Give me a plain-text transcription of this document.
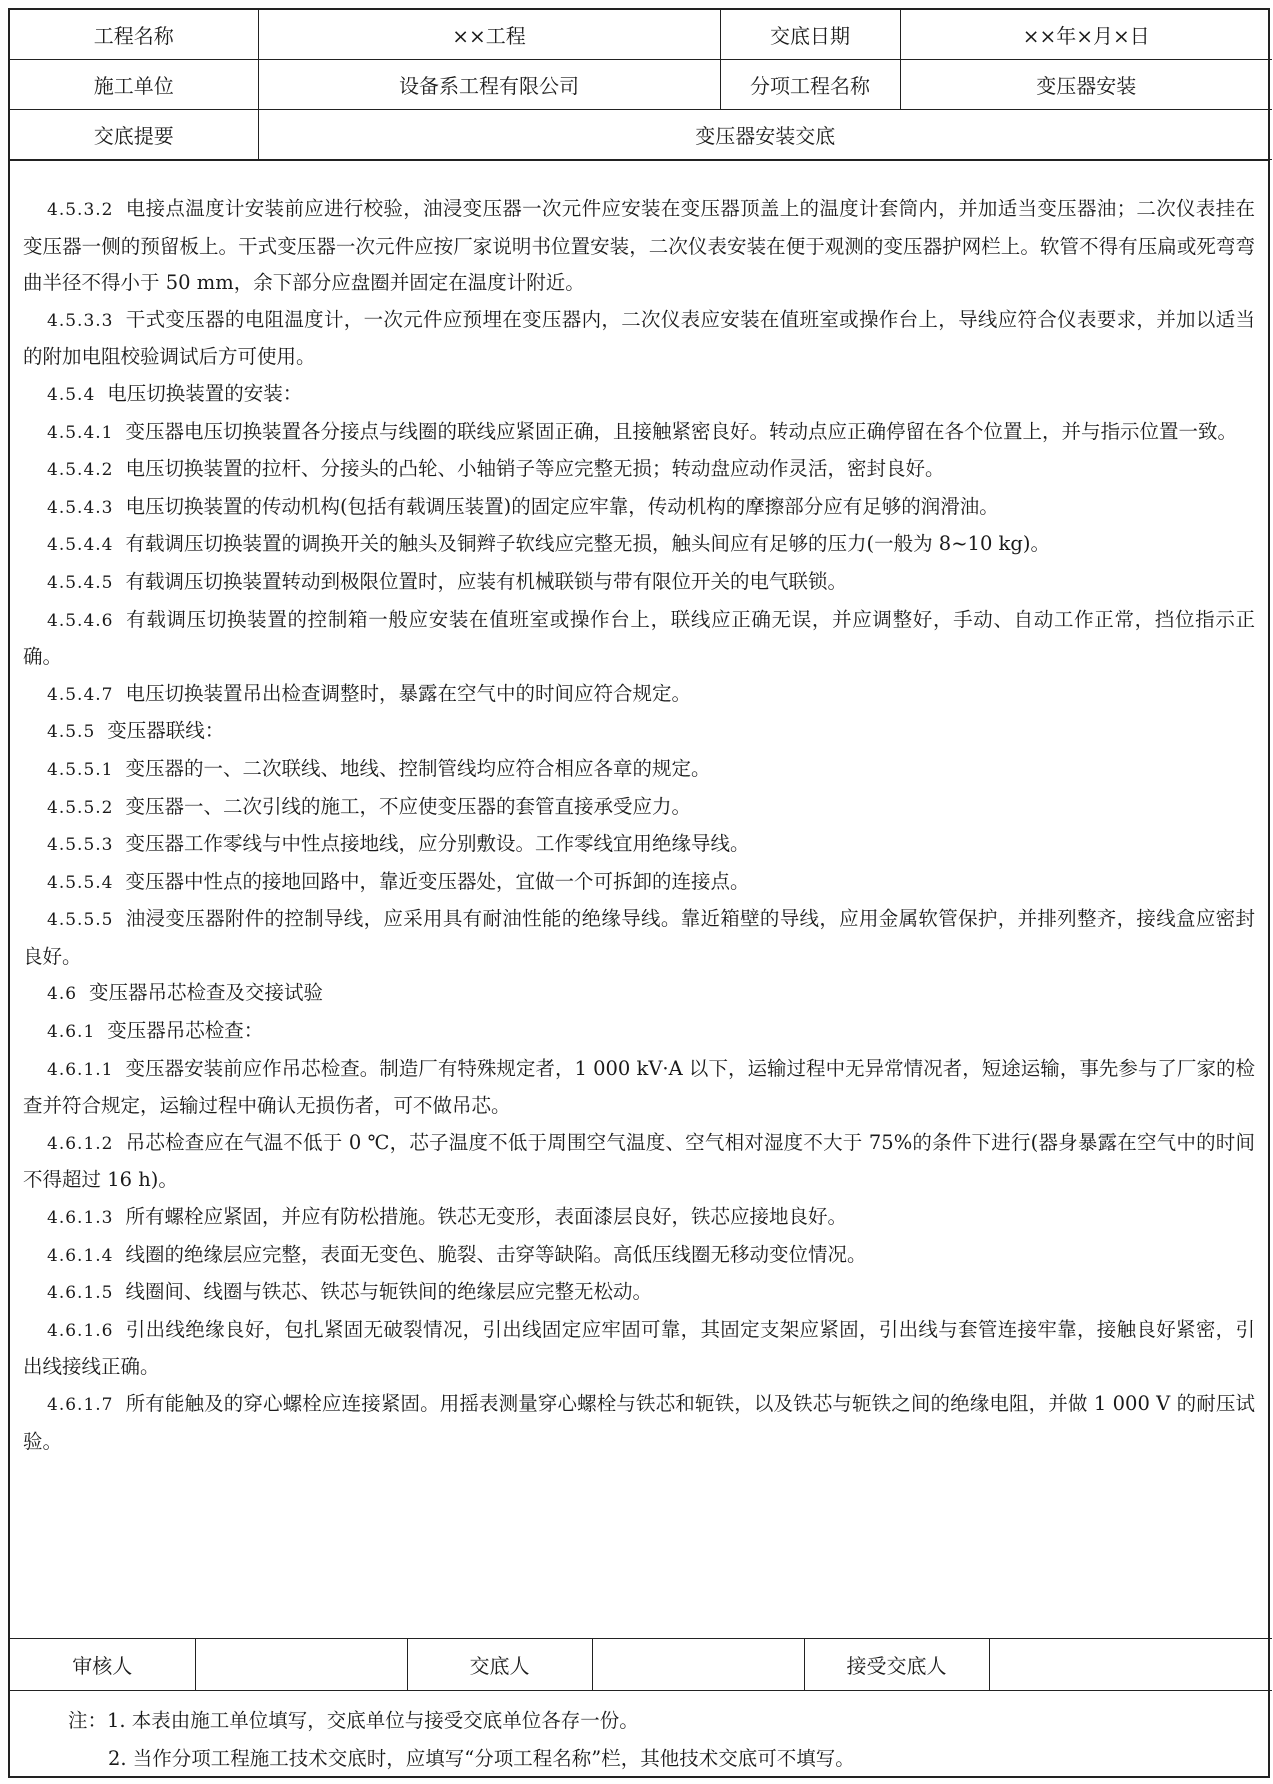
工程名称	××工程	交底日期	××年×月×日
施工单位	设备系工程有限公司	分项工程名称	变压器安装
交底提要	变压器安装交底		

4.5.3.2 电接点温度计安装前应进行校验，油浸变压器一次元件应安装在变压器顶盖上的温度计套筒内，并加适当变压器油；二次仪表挂在变压器一侧的预留板上。干式变压器一次元件应按厂家说明书位置安装，二次仪表安装在便于观测的变压器护网栏上。软管不得有压扁或死弯弯曲半径不得小于 50 mm，余下部分应盘圈并固定在温度计附近。

4.5.3.3 干式变压器的电阻温度计，一次元件应预埋在变压器内，二次仪表应安装在值班室或操作台上，导线应符合仪表要求，并加以适当的附加电阻校验调试后方可使用。

4.5.4 电压切换装置的安装：

4.5.4.1 变压器电压切换装置各分接点与线圈的联线应紧固正确，且接触紧密良好。转动点应正确停留在各个位置上，并与指示位置一致。

4.5.4.2 电压切换装置的拉杆、分接头的凸轮、小轴销子等应完整无损；转动盘应动作灵活，密封良好。

4.5.4.3 电压切换装置的传动机构(包括有载调压装置)的固定应牢靠，传动机构的摩擦部分应有足够的润滑油。

4.5.4.4 有载调压切换装置的调换开关的触头及铜辫子软线应完整无损，触头间应有足够的压力(一般为 8~10 kg)。

4.5.4.5 有载调压切换装置转动到极限位置时，应装有机械联锁与带有限位开关的电气联锁。

4.5.4.6 有载调压切换装置的控制箱一般应安装在值班室或操作台上，联线应正确无误，并应调整好，手动、自动工作正常，挡位指示正确。

4.5.4.7 电压切换装置吊出检查调整时，暴露在空气中的时间应符合规定。

4.5.5 变压器联线：

4.5.5.1 变压器的一、二次联线、地线、控制管线均应符合相应各章的规定。

4.5.5.2 变压器一、二次引线的施工，不应使变压器的套管直接承受应力。

4.5.5.3 变压器工作零线与中性点接地线，应分别敷设。工作零线宜用绝缘导线。

4.5.5.4 变压器中性点的接地回路中，靠近变压器处，宜做一个可拆卸的连接点。

4.5.5.5 油浸变压器附件的控制导线，应采用具有耐油性能的绝缘导线。靠近箱壁的导线，应用金属软管保护，并排列整齐，接线盒应密封良好。

4.6 变压器吊芯检查及交接试验

4.6.1 变压器吊芯检查：

4.6.1.1 变压器安装前应作吊芯检查。制造厂有特殊规定者，1 000 kV·A 以下，运输过程中无异常情况者，短途运输，事先参与了厂家的检查并符合规定，运输过程中确认无损伤者，可不做吊芯。

4.6.1.2 吊芯检查应在气温不低于 0 ℃，芯子温度不低于周围空气温度、空气相对湿度不大于 75%的条件下进行(器身暴露在空气中的时间不得超过 16 h)。

4.6.1.3 所有螺栓应紧固，并应有防松措施。铁芯无变形，表面漆层良好，铁芯应接地良好。

4.6.1.4 线圈的绝缘层应完整，表面无变色、脆裂、击穿等缺陷。高低压线圈无移动变位情况。

4.6.1.5 线圈间、线圈与铁芯、铁芯与轭铁间的绝缘层应完整无松动。

4.6.1.6 引出线绝缘良好，包扎紧固无破裂情况，引出线固定应牢固可靠，其固定支架应紧固，引出线与套管连接牢靠，接触良好紧密，引出线接线正确。

4.6.1.7 所有能触及的穿心螺栓应连接紧固。用摇表测量穿心螺栓与铁芯和轭铁，以及铁芯与轭铁之间的绝缘电阻，并做 1 000 V 的耐压试验。

审核人		交底人		接受交底人	
注：1. 本表由施工单位填写，交底单位与接受交底单位各存一份。
2. 当作分项工程施工技术交底时，应填写“分项工程名称”栏，其他技术交底可不填写。
